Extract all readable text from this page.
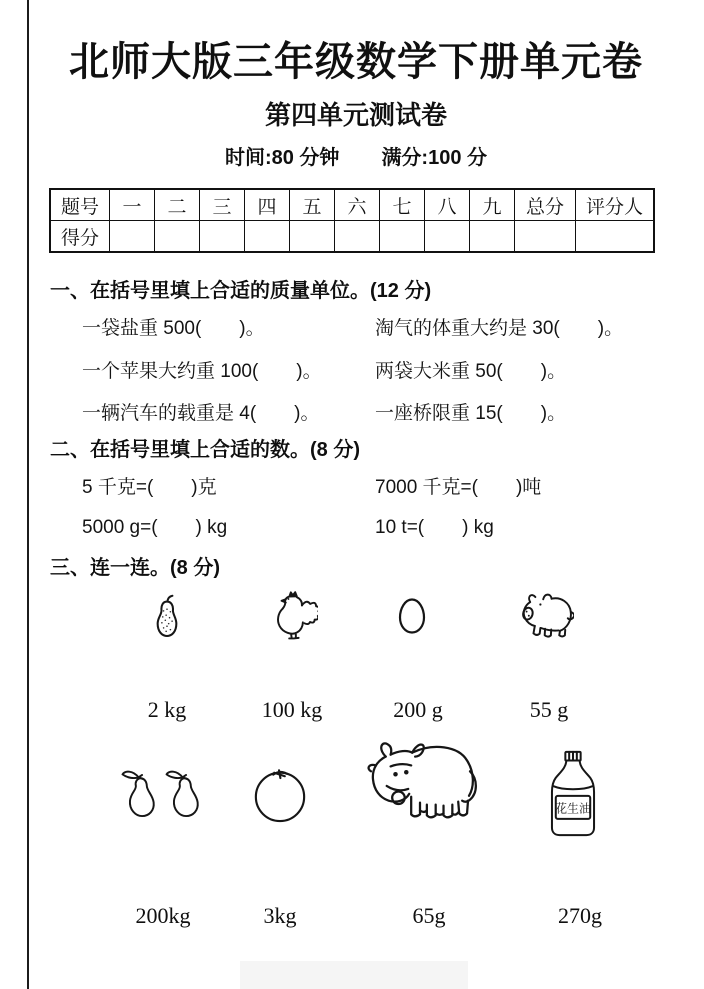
北师大版三年级数学下册单元卷
第四单元测试卷
时间:80 分钟 满分:100 分
题号	一	二	三	四	五	六	七	八	九	总分	评分人
得分											
一、在括号里填上合适的质量单位。(12 分)
一袋盐重 500(　　)。	淘气的体重大约是 30(　　)。
一个苹果大约重 100(　　)。	两袋大米重 50(　　)。
一辆汽车的载重是 4(　　)。	一座桥限重 15(　　)。
二、在括号里填上合适的数。(8 分)
5 千克=(　　)克	7000 千克=(　　)吨
5000 g=(　　) kg	10 t=(　　) kg
三、连一连。(8 分)
2 kg	100 kg	200 g	55 g
花生油
200kg	3kg	65g	270g
